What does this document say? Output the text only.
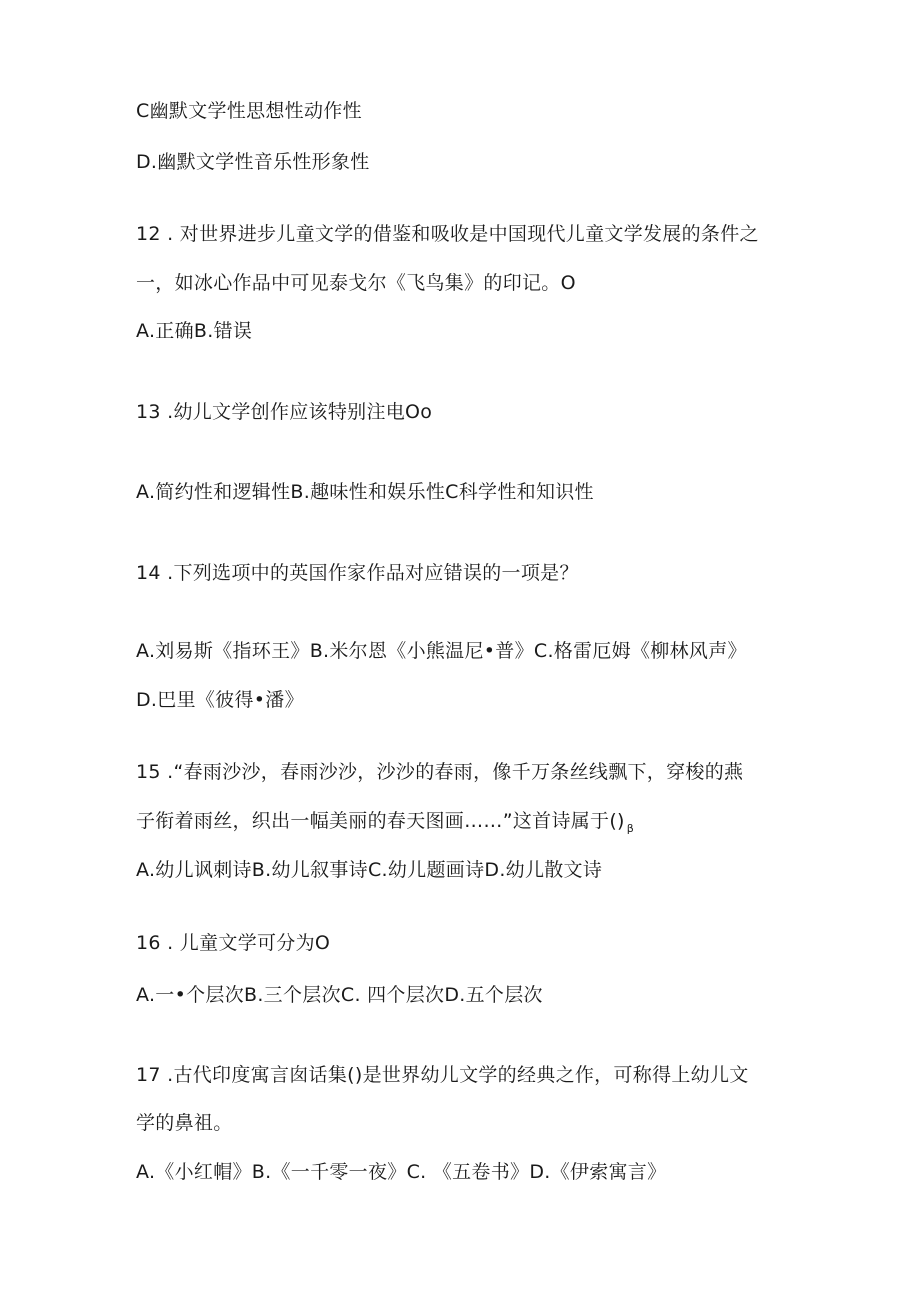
C幽默文学性思想性动作性
D.幽默文学性音乐性形象性
12 . 对世界进步儿童文学的借鉴和吸收是中国现代儿童文学发展的条件之
一，如冰心作品中可见泰戈尔《飞鸟集》的印记。O
A.正确B.错误
13 .幼儿文学创作应该特别注电Oo
A.简约性和逻辑性B.趣味性和娱乐性C科学性和知识性
14 .下列选项中的英国作家作品对应错误的一项是？
A.刘易斯《指环王》B.米尔恩《小熊温尼•普》C.格雷厄姆《柳林风声》
D.巴里《彼得•潘》
15 .“春雨沙沙，春雨沙沙，沙沙的春雨，像千万条丝线飘下，穿梭的燕
子衔着雨丝，织出一幅美丽的春天图画……”这首诗属于() $_\beta$
A.幼儿讽刺诗B.幼儿叙事诗C.幼儿题画诗D.幼儿散文诗
16 . 儿童文学可分为O
A.一•个层次B.三个层次C. 四个层次D.五个层次
17 .古代印度寓言囱话集()是世界幼儿文学的经典之作，可称得上幼儿文
学的鼻祖。
A.《小红帽》B.《一千零一夜》C. 《五卷书》D.《伊索寓言》
